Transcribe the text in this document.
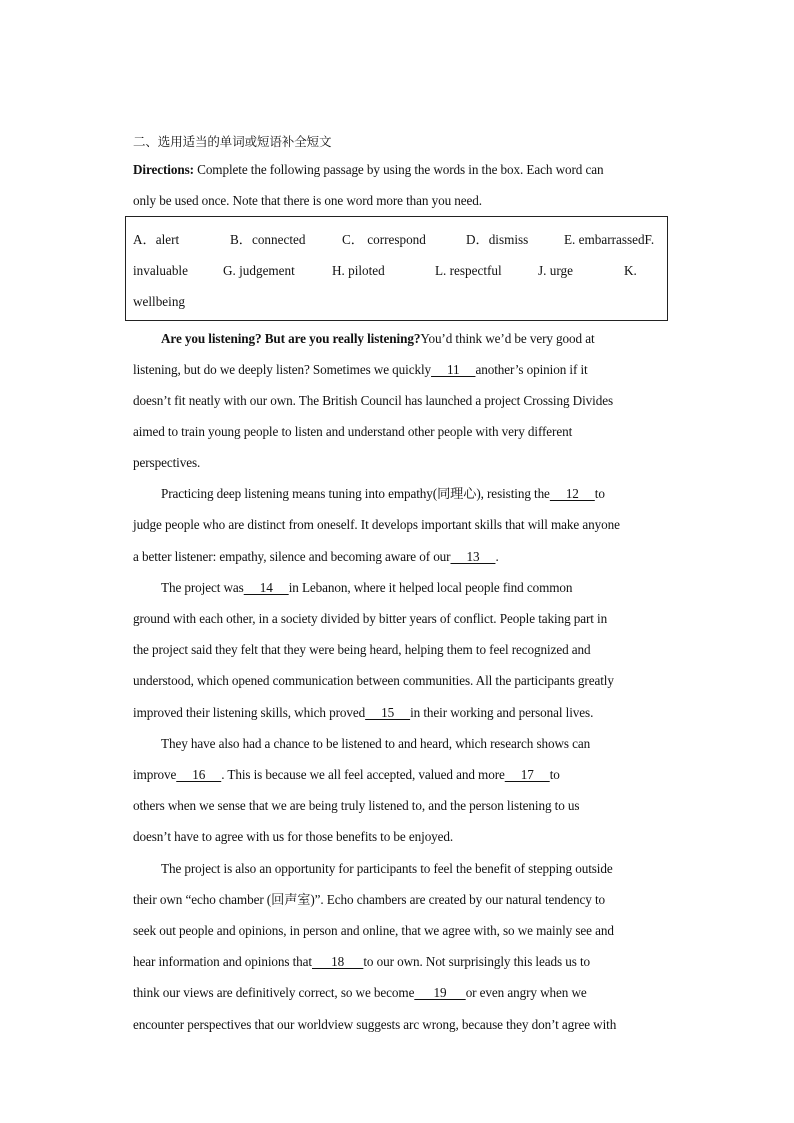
二、选用适当的单词或短语补全短文
Directions: Complete the following passage by using the words in the box. Each word can
only be used once. Note that there is one word more than you need.
A．alert	B．connected	C． correspond	D．dismiss	E. embarrassedF.
invaluable	G. judgement	H. piloted	L. respectful	J. urge	K.
wellbeing
Are you listening? But are you really listening?You’d think we’d be very good at
listening, but do we deeply listen? Sometimes we quickly     11     another’s opinion if it
doesn’t fit neatly with our own. The British Council has launched a project Crossing Divides
aimed to train young people to listen and understand other people with very different
perspectives.
Practicing deep listening means tuning into empathy(同理心), resisting the     12     to
judge people who are distinct from oneself. It develops important skills that will make anyone
a better listener: empathy, silence and becoming aware of our     13     .
The project was     14     in Lebanon, where it helped local people find common
ground with each other, in a society divided by bitter years of conflict. People taking part in
the project said they felt that they were being heard, helping them to feel recognized and
understood, which opened communication between communities. All the participants greatly
improved their listening skills, which proved     15     in their working and personal lives.
They have also had a chance to be listened to and heard, which research shows can
improve     16     . This is because we all feel accepted, valued and more     17     to
others when we sense that we are being truly listened to, and the person listening to us
doesn’t have to agree with us for those benefits to be enjoyed.
The project is also an opportunity for participants to feel the benefit of stepping outside
their own “echo chamber (回声室)”. Echo chambers are created by our natural tendency to
seek out people and opinions, in person and online, that we agree with, so we mainly see and
hear information and opinions that      18      to our own. Not surprisingly this leads us to
think our views are definitively correct, so we become      19      or even angry when we
encounter perspectives that our worldview suggests arc wrong, because they don’t agree with
